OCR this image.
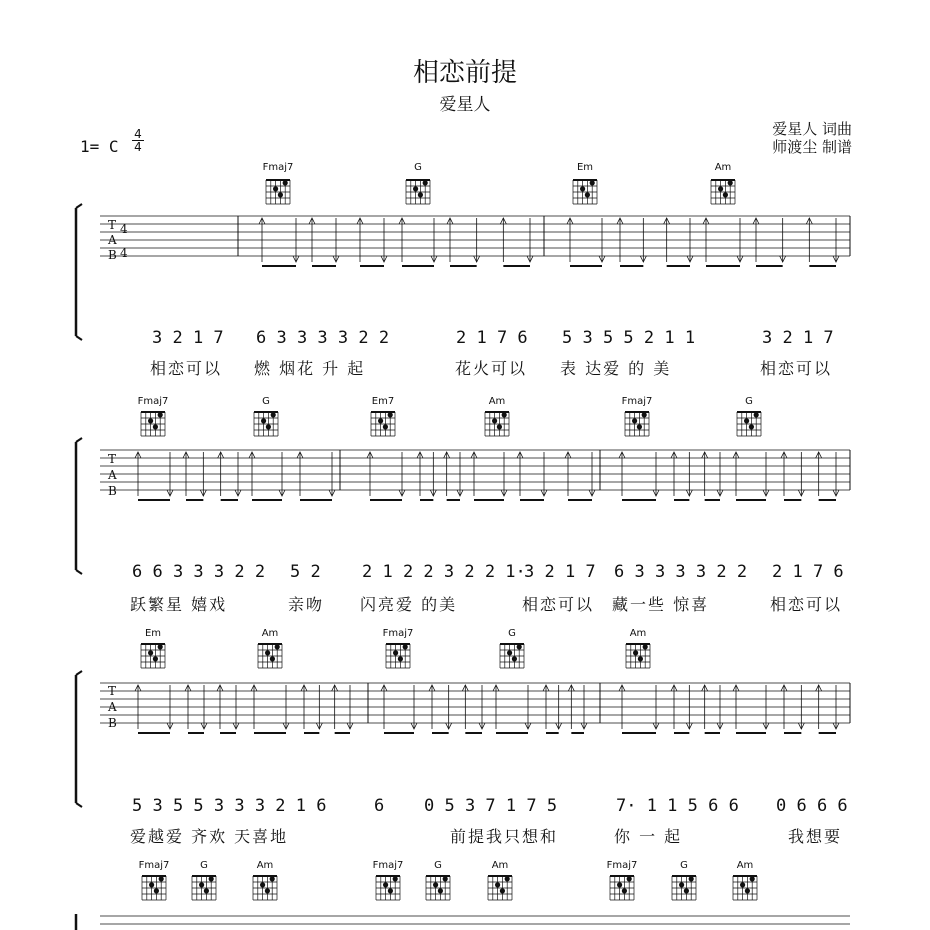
相恋前提
爱星人
爱星人 词曲
师渡尘 制谱
1= C
4
4
Fmaj7	G	Em	Am
T
A
B
4
4
3 2 1 7 6 3 3 3 3 2 2	2 1 7 6 5 3 5 5 2 1 1	3 2 1 7
相恋可以 燃 烟花 升 起	花火可以 表 达爱 的 美	相恋可以
Fmaj7	G	Em7	Am	Fmaj7	G
T
A
B
6 6 3 3 3 2 2 5 2 2 1 2 2 3 2 2 1·
3 2 1 7 6 3 3 3 3 2 2 2 1 7 6
跃繁星 嬉戏	亲吻 闪亮爱 的美	相恋可以 藏一些 惊喜	相恋可以
Em	Am	Fmaj7	G	Am
T
A
B
5 3 5 5 3 3 3 2 1 6	6 0 5 3 7 1 7 5	7· 1 1 5 6 6 0 6 6 6
爱越爱 齐欢 天喜地	前提我只想和	你 一 起	我想要
Fmaj7	G	Am	Fmaj7	G	Am	Fmaj7	G	Am
